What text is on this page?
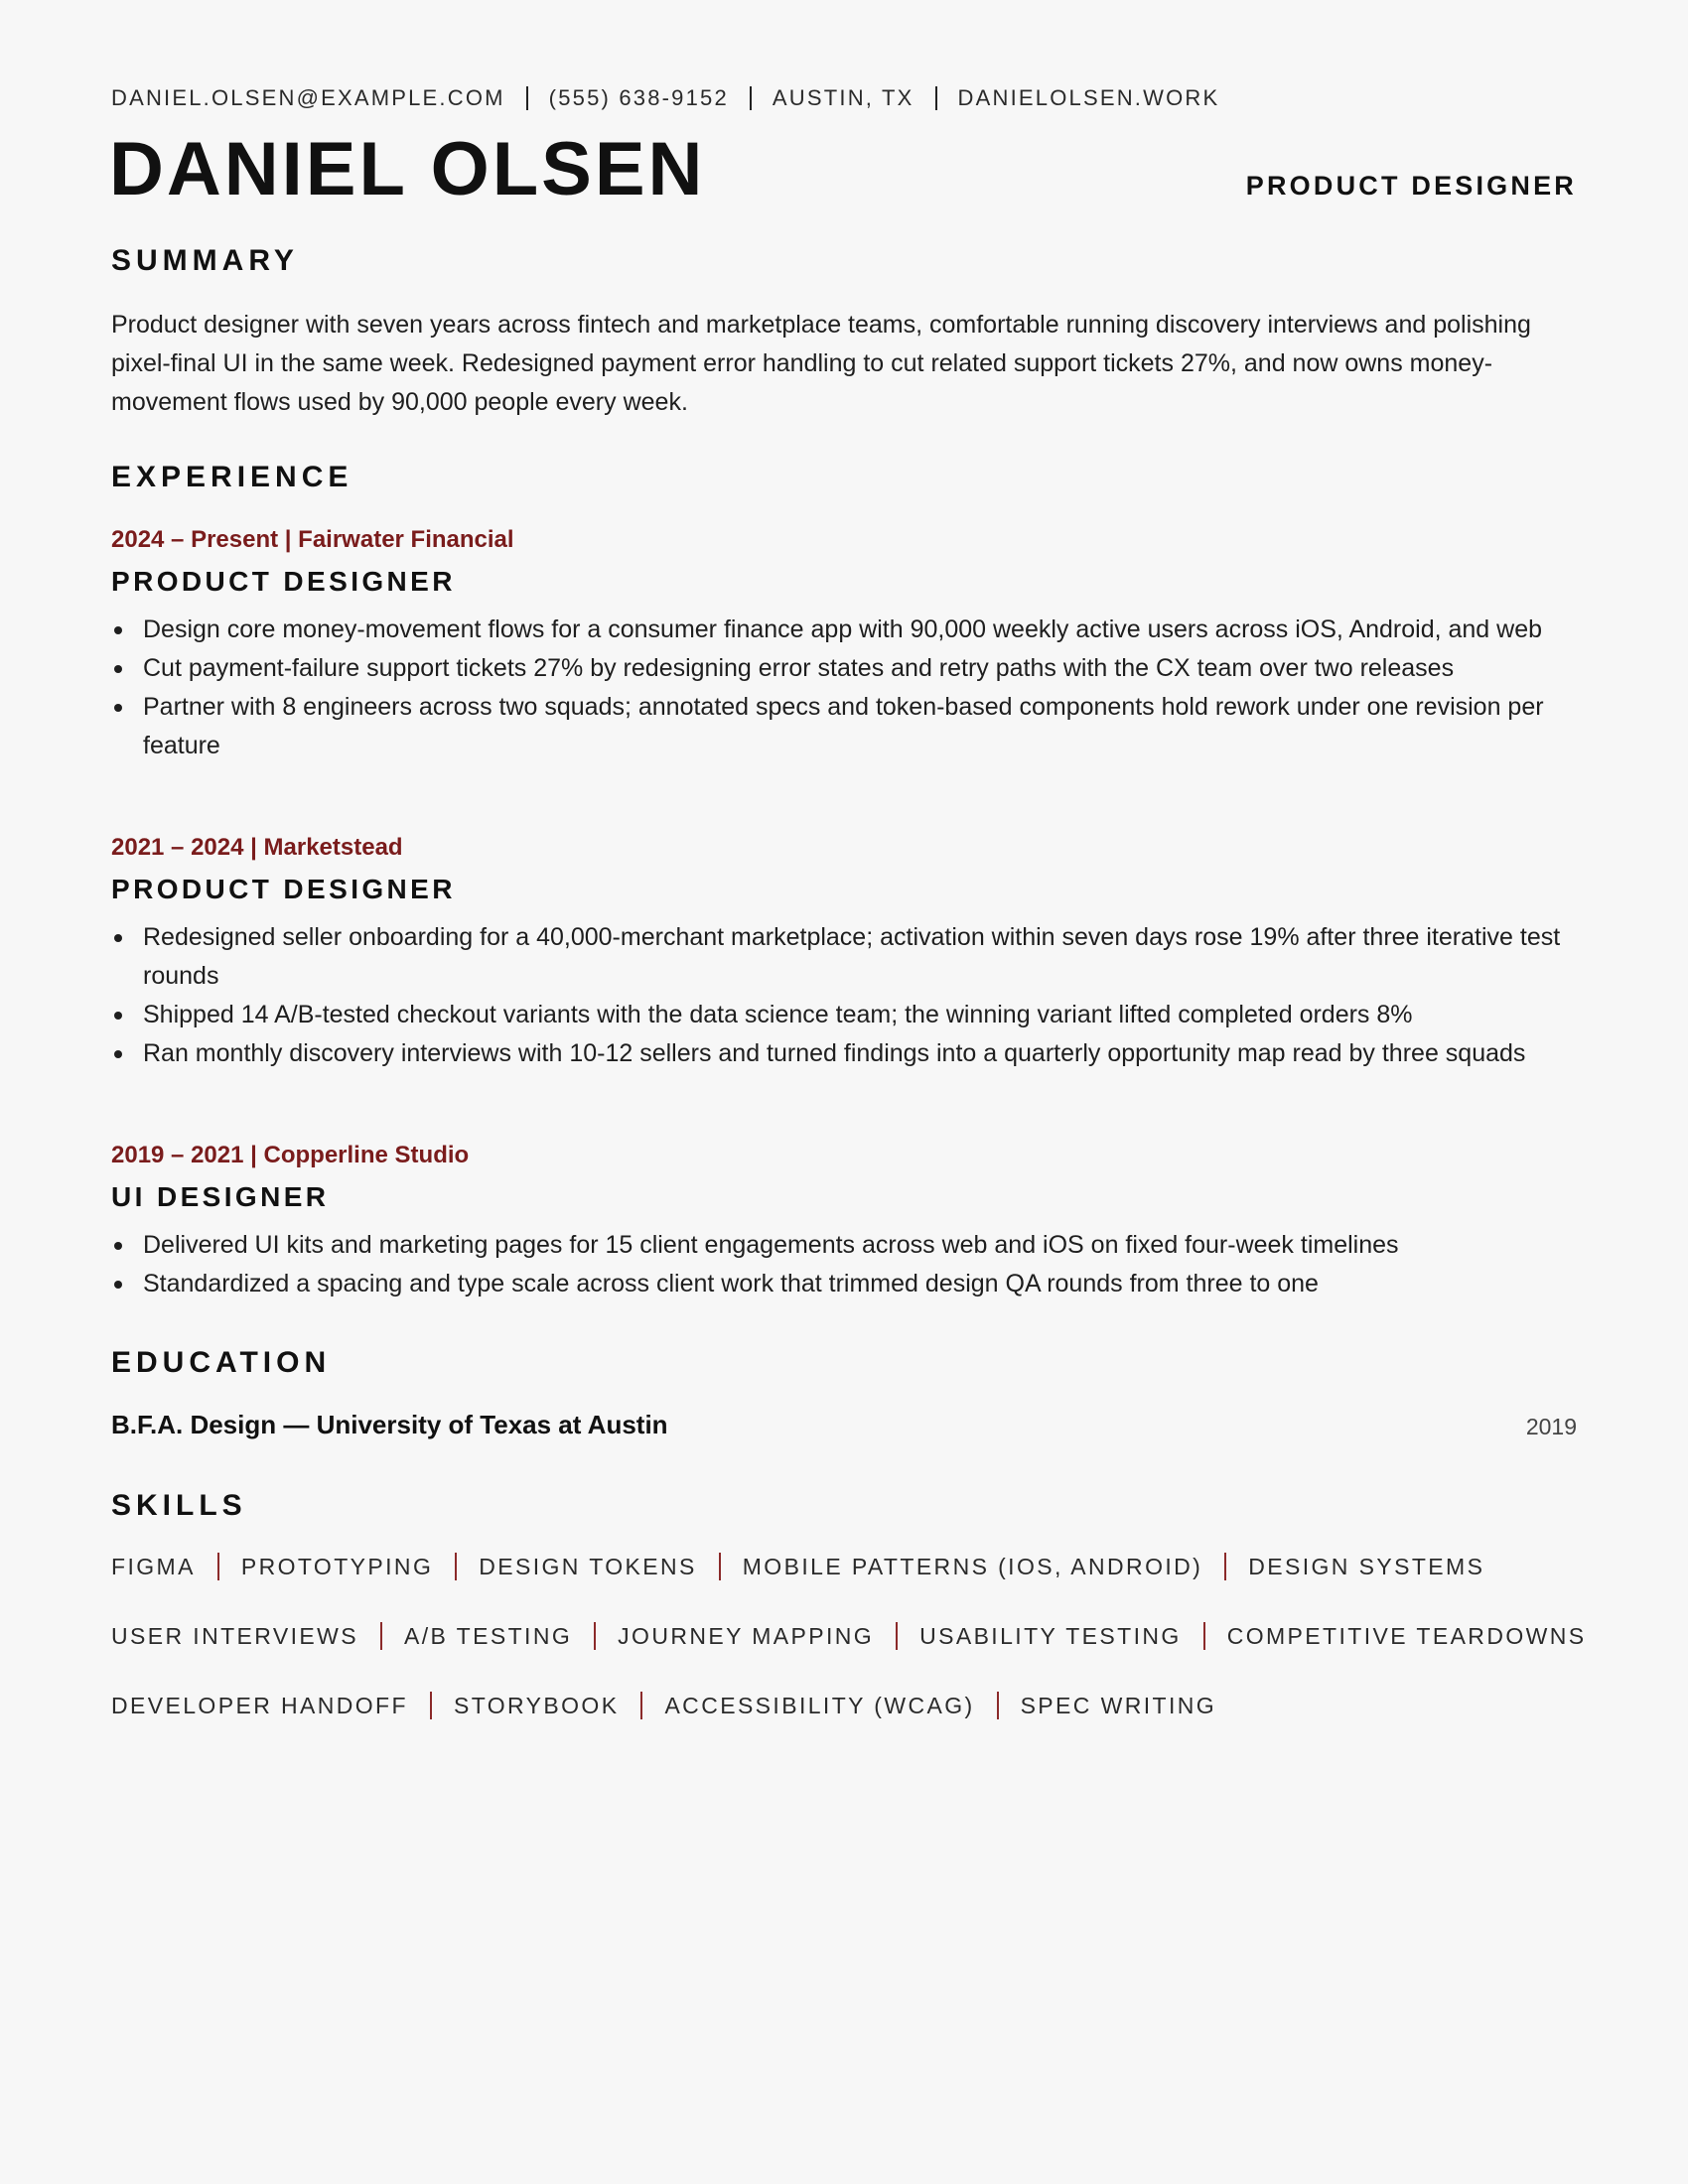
DANIEL.OLSEN@EXAMPLE.COM (555) 638-9152 AUSTIN, TX DANIELOLSEN.WORK
DANIEL OLSEN	PRODUCT DESIGNER
SUMMARY

Product designer with seven years across fintech and marketplace teams, comfortable running discovery interviews and polishing pixel-final UI in the same week. Redesigned payment error handling to cut related support tickets 27%, and now owns money-movement flows used by 90,000 people every week.

EXPERIENCE
2024 – Present | Fairwater Financial
PRODUCT DESIGNER
Design core money-movement flows for a consumer finance app with 90,000 weekly active users across iOS, Android, and web
Cut payment-failure support tickets 27% by redesigning error states and retry paths with the CX team over two releases
Partner with 8 engineers across two squads; annotated specs and token-based components hold rework under one revision per feature
2021 – 2024 | Marketstead
PRODUCT DESIGNER
Redesigned seller onboarding for a 40,000-merchant marketplace; activation within seven days rose 19% after three iterative test rounds
Shipped 14 A/B-tested checkout variants with the data science team; the winning variant lifted completed orders 8%
Ran monthly discovery interviews with 10-12 sellers and turned findings into a quarterly opportunity map read by three squads
2019 – 2021 | Copperline Studio
UI DESIGNER
Delivered UI kits and marketing pages for 15 client engagements across web and iOS on fixed four-week timelines
Standardized a spacing and type scale across client work that trimmed design QA rounds from three to one
EDUCATION
B.F.A. Design — University of Texas at Austin	2019
SKILLS
FIGMA PROTOTYPING DESIGN TOKENS MOBILE PATTERNS (IOS, ANDROID) DESIGN SYSTEMS
USER INTERVIEWS A/B TESTING JOURNEY MAPPING USABILITY TESTING COMPETITIVE TEARDOWNS
DEVELOPER HANDOFF STORYBOOK ACCESSIBILITY (WCAG) SPEC WRITING
